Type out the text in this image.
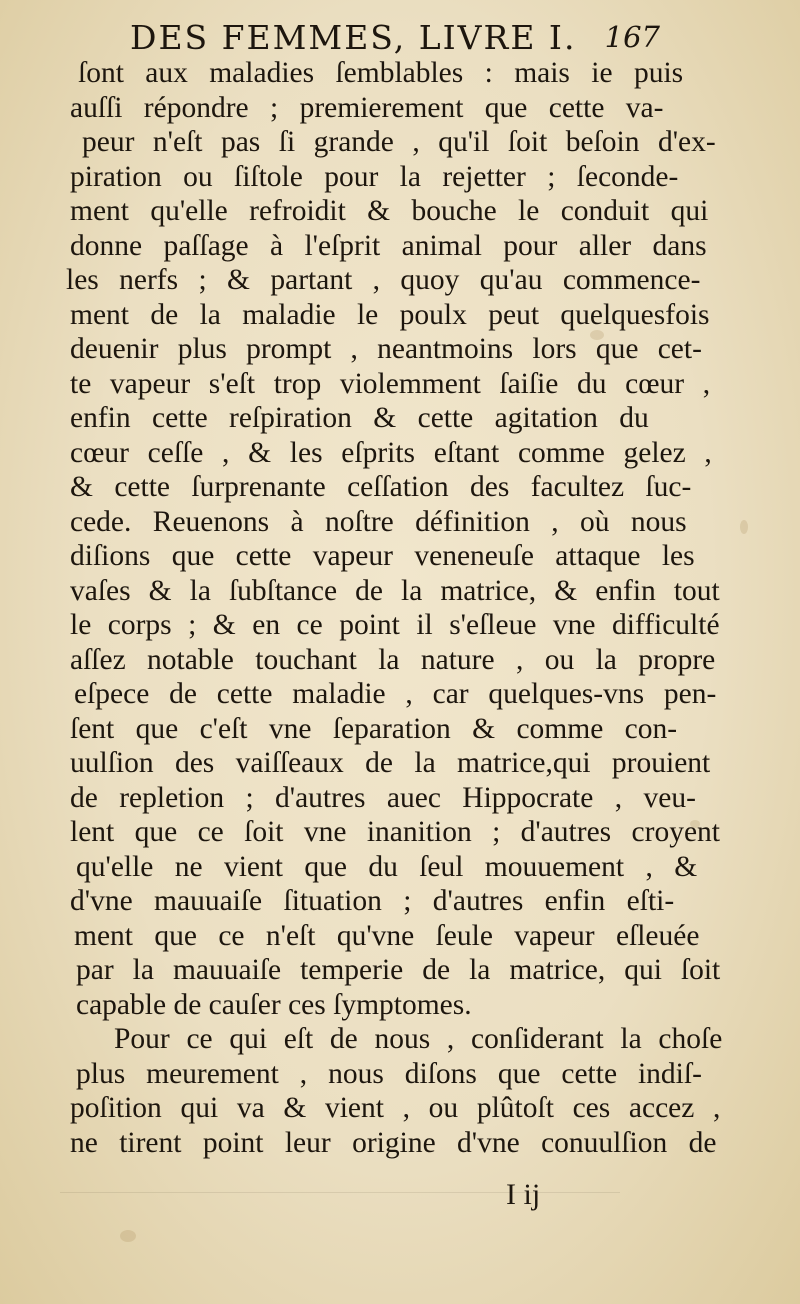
DES FEMMES, LIVRE I. 167
ſont aux maladies ſemblables : mais ie puis
auſſi répondre ; premierement que cette va-
peur n'eſt pas ſi grande , qu'il ſoit beſoin d'ex-
piration ou ſiſtole pour la rejetter ; ſeconde-
ment qu'elle refroidit & bouche le conduit qui
donne paſſage à l'eſprit animal pour aller dans
les nerfs ; & partant , quoy qu'au commence-
ment de la maladie le poulx peut quelquesfois
deuenir plus prompt , neantmoins lors que cet-
te vapeur s'eſt trop violemment ſaiſie du cœur ,
enfin cette reſpiration & cette agitation du
cœur ceſſe , & les eſprits eſtant comme gelez ,
& cette ſurprenante ceſſation des facultez ſuc-
cede. Reuenons à noſtre définition , où nous
diſions que cette vapeur veneneuſe attaque les
vaſes & la ſubſtance de la matrice, & enfin tout
le corps ; & en ce point il s'eſleue vne difficulté
aſſez notable touchant la nature , ou la propre
eſpece de cette maladie , car quelques-vns pen-
ſent que c'eſt vne ſeparation & comme con-
uulſion des vaiſſeaux de la matrice,qui prouient
de repletion ; d'autres auec Hippocrate , veu-
lent que ce ſoit vne inanition ; d'autres croyent
qu'elle ne vient que du ſeul mouuement , &
d'vne mauuaiſe ſituation ; d'autres enfin eſti-
ment que ce n'eſt qu'vne ſeule vapeur eſleuée
par la mauuaiſe temperie de la matrice, qui ſoit
capable de cauſer ces ſymptomes.
Pour ce qui eſt de nous , conſiderant la choſe
plus meurement , nous diſons que cette indiſ-
poſition qui va & vient , ou plûtoſt ces accez ,
ne tirent point leur origine d'vne conuulſion de
I ij
